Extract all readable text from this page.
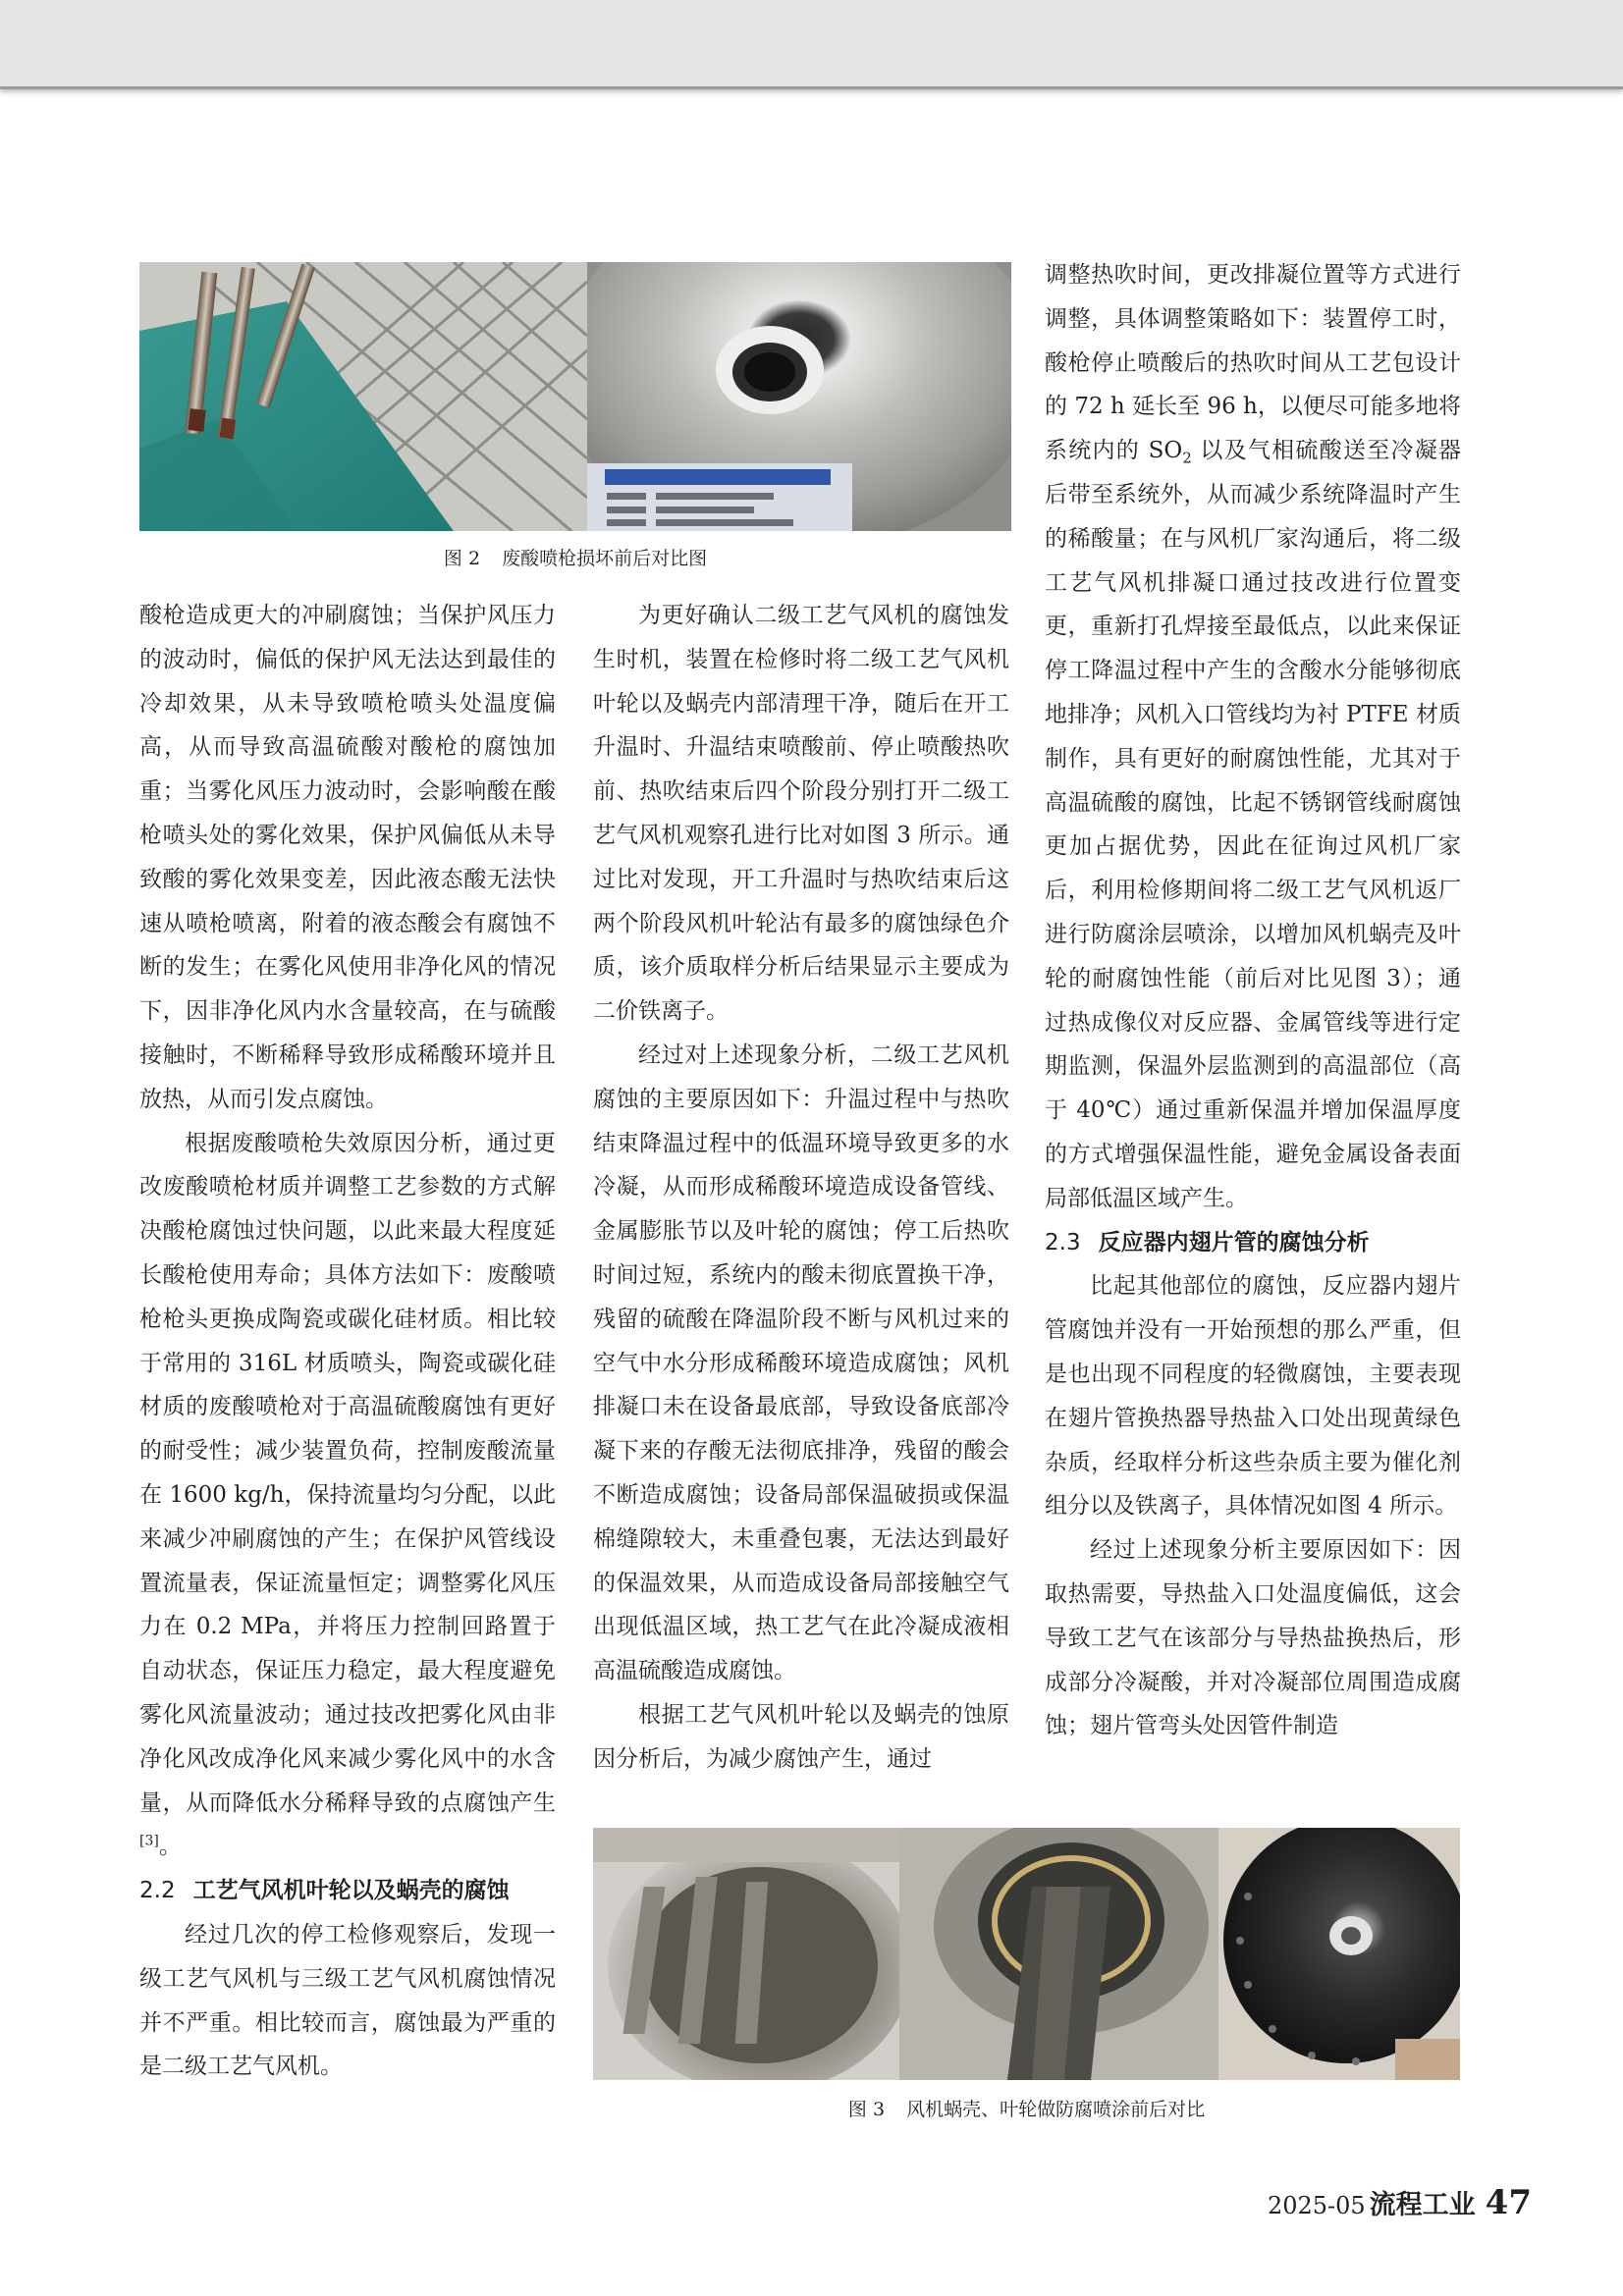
图 2 废酸喷枪损坏前后对比图

酸枪造成更大的冲刷腐蚀；当保护风压力的波动时，偏低的保护风无法达到最佳的冷却效果，从未导致喷枪喷头处温度偏高，从而导致高温硫酸对酸枪的腐蚀加重；当雾化风压力波动时，会影响酸在酸枪喷头处的雾化效果，保护风偏低从未导致酸的雾化效果变差，因此液态酸无法快速从喷枪喷离，附着的液态酸会有腐蚀不断的发生；在雾化风使用非净化风的情况下，因非净化风内水含量较高，在与硫酸接触时，不断稀释导致形成稀酸环境并且放热，从而引发点腐蚀。

根据废酸喷枪失效原因分析，通过更改废酸喷枪材质并调整工艺参数的方式解决酸枪腐蚀过快问题，以此来最大程度延长酸枪使用寿命；具体方法如下：废酸喷枪枪头更换成陶瓷或碳化硅材质。相比较于常用的 316L 材质喷头，陶瓷或碳化硅材质的废酸喷枪对于高温硫酸腐蚀有更好的耐受性；减少装置负荷，控制废酸流量在 1600 kg/h，保持流量均匀分配，以此来减少冲刷腐蚀的产生；在保护风管线设置流量表，保证流量恒定；调整雾化风压力在 0.2 MPa，并将压力控制回路置于自动状态，保证压力稳定，最大程度避免雾化风流量波动；通过技改把雾化风由非净化风改成净化风来减少雾化风中的水含量，从而降低水分稀释导致的点腐蚀产生[3]。

2.2 工艺气风机叶轮以及蜗壳的腐蚀

经过几次的停工检修观察后，发现一级工艺气风机与三级工艺气风机腐蚀情况并不严重。相比较而言，腐蚀最为严重的是二级工艺气风机。

为更好确认二级工艺气风机的腐蚀发生时机，装置在检修时将二级工艺气风机叶轮以及蜗壳内部清理干净，随后在开工升温时、升温结束喷酸前、停止喷酸热吹前、热吹结束后四个阶段分别打开二级工艺气风机观察孔进行比对如图 3 所示。通过比对发现，开工升温时与热吹结束后这两个阶段风机叶轮沾有最多的腐蚀绿色介质，该介质取样分析后结果显示主要成为二价铁离子。

经过对上述现象分析，二级工艺风机腐蚀的主要原因如下：升温过程中与热吹结束降温过程中的低温环境导致更多的水冷凝，从而形成稀酸环境造成设备管线、金属膨胀节以及叶轮的腐蚀；停工后热吹时间过短，系统内的酸未彻底置换干净，残留的硫酸在降温阶段不断与风机过来的空气中水分形成稀酸环境造成腐蚀；风机排凝口未在设备最底部，导致设备底部冷凝下来的存酸无法彻底排净，残留的酸会不断造成腐蚀；设备局部保温破损或保温棉缝隙较大，未重叠包裹，无法达到最好的保温效果，从而造成设备局部接触空气出现低温区域，热工艺气在此冷凝成液相高温硫酸造成腐蚀。

根据工艺气风机叶轮以及蜗壳的蚀原因分析后，为减少腐蚀产生，通过

调整热吹时间，更改排凝位置等方式进行调整，具体调整策略如下：装置停工时，酸枪停止喷酸后的热吹时间从工艺包设计的 72 h 延长至 96 h，以便尽可能多地将系统内的 $SO_2$ 以及气相硫酸送至冷凝器后带至系统外，从而减少系统降温时产生的稀酸量；在与风机厂家沟通后，将二级工艺气风机排凝口通过技改进行位置变更，重新打孔焊接至最低点，以此来保证停工降温过程中产生的含酸水分能够彻底地排净；风机入口管线均为衬 PTFE 材质制作，具有更好的耐腐蚀性能，尤其对于高温硫酸的腐蚀，比起不锈钢管线耐腐蚀更加占据优势，因此在征询过风机厂家后，利用检修期间将二级工艺气风机返厂进行防腐涂层喷涂，以增加风机蜗壳及叶轮的耐腐蚀性能（前后对比见图 3）；通过热成像仪对反应器、金属管线等进行定期监测，保温外层监测到的高温部位（高于 40℃）通过重新保温并增加保温厚度的方式增强保温性能，避免金属设备表面局部低温区域产生。

2.3 反应器内翅片管的腐蚀分析

比起其他部位的腐蚀，反应器内翅片管腐蚀并没有一开始预想的那么严重，但是也出现不同程度的轻微腐蚀，主要表现在翅片管换热器导热盐入口处出现黄绿色杂质，经取样分析这些杂质主要为催化剂组分以及铁离子，具体情况如图 4 所示。

经过上述现象分析主要原因如下：因取热需要，导热盐入口处温度偏低，这会导致工艺气在该部分与导热盐换热后，形成部分冷凝酸，并对冷凝部位周围造成腐蚀；翅片管弯头处因管件制造

图 3 风机蜗壳、叶轮做防腐喷涂前后对比
2025-05 流程工业 47
